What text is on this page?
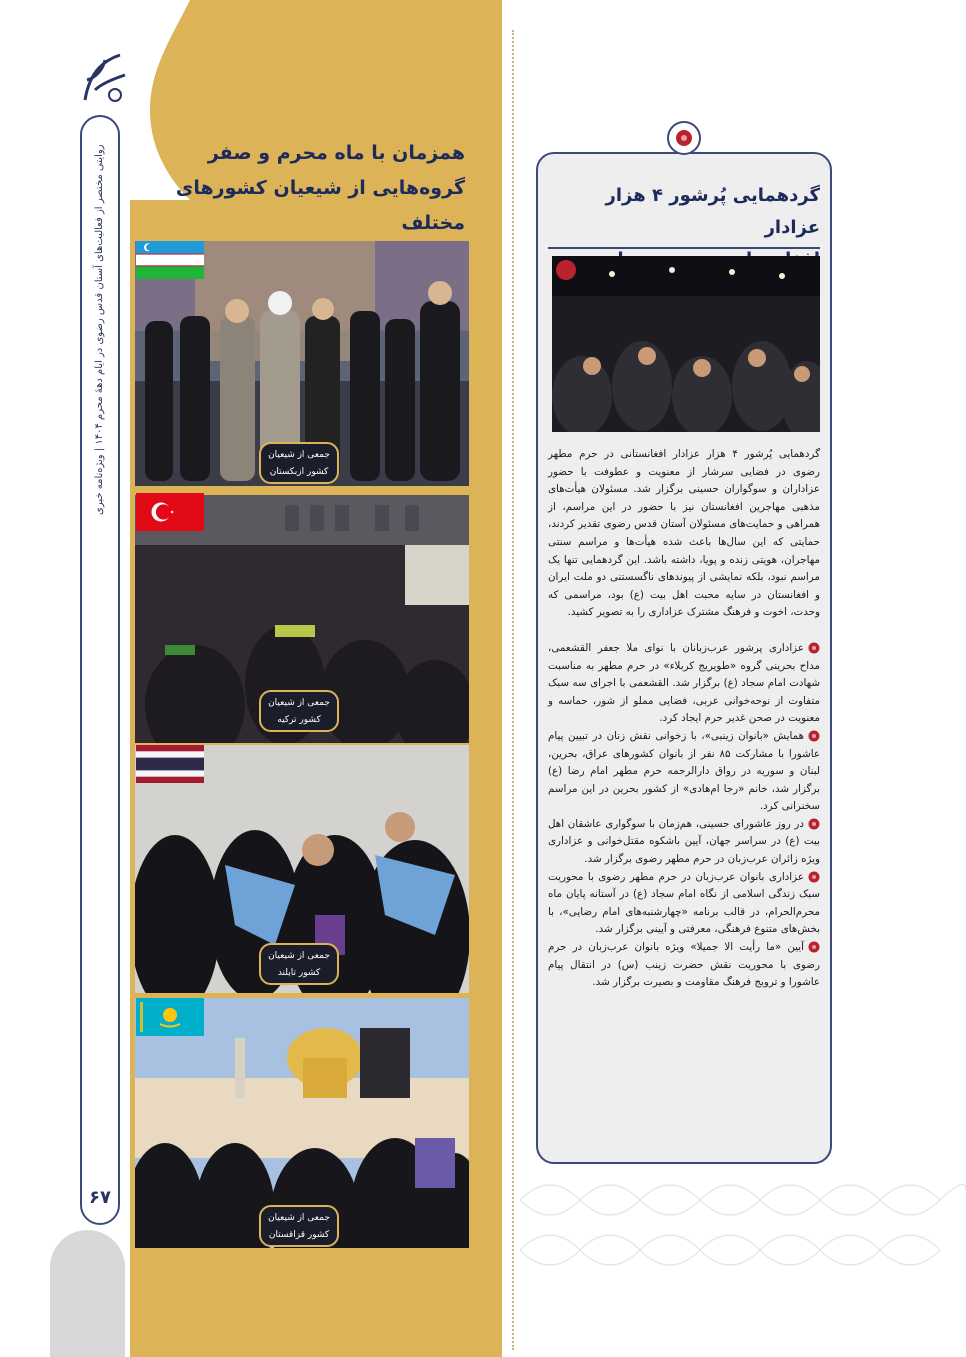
روایتی مختصر از فعالیت‌های آستان قدس رضوی در ایام دهۀ محرم ۱۴۰۴ | ویژه‌نامه خبری
۶۷
همزمان با ماه محرم و صفر
گروه‌هایی از شیعیان کشورهای مختلف
جمعی از شیعیان
کشور ازبکستان
جمعی از شیعیان
کشور ترکیه
جمعی از شیعیان
کشور تایلند
جمعی از شیعیان
کشور قزاقستان
گردهمایی پُرشور ۴ هزار عزادار

گردهمایی پُرشور ۴ هزار عزادار افغانستانی در حرم مطهر رضوی در فضایی سرشار از معنویت و عطوفت با حضور عزاداران و سوگواران حسینی برگزار شد. مسئولان هیأت‌های مذهبی مهاجرین افغانستان نیز با حضور در این مراسم، از همراهی و حمایت‌های مسئولان آستان قدس رضوی تقدیر کردند، حمایتی که این سال‌ها باعث شده هیأت‌ها و مراسم سنتی مهاجران، هویتی زنده و پویا، داشته باشد. این گردهمایی تنها یک مراسم نبود، بلکه نمایشی از پیوندهای ناگسستنی دو ملت ایران و افغانستان در سایه محبت اهل بیت (ع) بود، مراسمی که وحدت، اخوت و فرهنگ مشترک عزاداری را به تصویر کشید.

عزاداری پرشور عرب‌زبانان با نوای ملا جعفر القشعمی، مداح بحرینی گروه «طویریج کربلاء» در حرم مطهر به مناسبت شهادت امام سجاد (ع) برگزار شد. القشعمی با اجرای سه سبک متفاوت از نوحه‌خوانی عربی، فضایی مملو از شور، حماسه و معنویت در صحن غدیر حرم ایجاد کرد.

همایش «بانوان زینبی»، با زخوانی نقش زنان در تبیین پیام عاشورا با مشارکت ۸۵ نفر از بانوان کشورهای عراق، بحرین، لبنان و سوریه در رواق دارالرحمه حرم مطهر امام رضا (ع) برگزار شد، خانم «رجا ام‌هادی» از کشور بحرین در این مراسم سخنرانی کرد.

در روز عاشورای حسینی، هم‌زمان با سوگواری عاشقان اهل بیت (ع) در سراسر جهان، آیین باشکوه مقتل‌خوانی و عزاداری ویژه زائران عرب‌زبان در حرم مطهر رضوی برگزار شد.

عزاداری بانوان عرب‌زبان در حرم مطهر رضوی با محوریت سبک زندگی اسلامی از نگاه امام سجاد (ع) در آستانه پایان ماه محرم‌الحرام، در قالب برنامه «چهارشنبه‌های امام رضایی»، با بخش‌های متنوع فرهنگی، معرفتی و آیینی برگزار شد.

آیین «ما رأیت الا جمیلا» ویژه بانوان عرب‌زبان در حرم رضوی با محوریت نقش حضرت زینب (س) در انتقال پیام عاشورا و ترویج فرهنگ مقاومت و بصیرت برگزار شد.
